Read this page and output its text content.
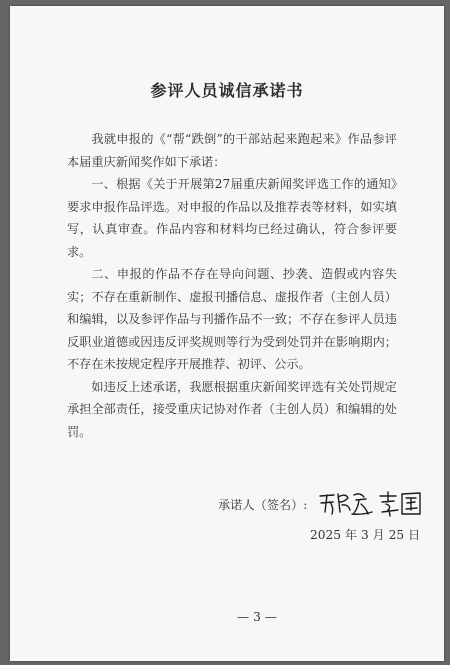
参评人员诚信承诺书

我就申报的《“帮“跌倒”的干部站起来跑起来》作品参评本届重庆新闻奖作如下承诺：

一、根据《关于开展第27届重庆新闻奖评选工作的通知》要求申报作品评选。对申报的作品以及推荐表等材料，如实填写，认真审查。作品内容和材料均已经过确认，符合参评要求。

二、申报的作品不存在导向问题、抄袭、造假或内容失实；不存在重新制作、虚报刊播信息、虚报作者（主创人员）和编辑，以及参评作品与刊播作品不一致；不存在参评人员违反职业道德或因违反评奖规则等行为受到处罚并在影响期内；不存在未按规定程序开展推荐、初评、公示。

如违反上述承诺，我愿根据重庆新闻奖评选有关处罚规定承担全部责任，接受重庆记协对作者（主创人员）和编辑的处罚。

承诺人（签名）:
2025 年 3 月 25 日
— 3 —
